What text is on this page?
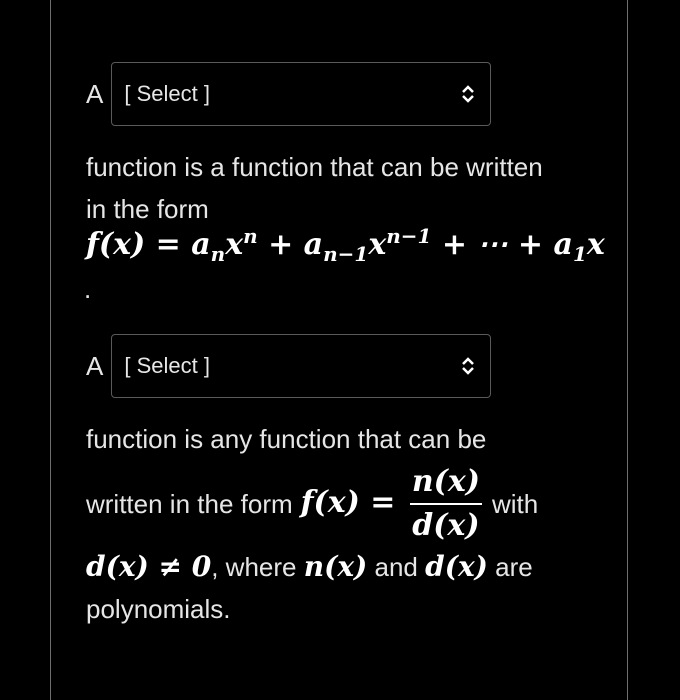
A [ Select ]
function is a function that can be written
in the form
$f(x) = a_nx^n + a_{n-1}x^{n-1}$ + ⋯ + $a_1x$
.
A [ Select ]
function is any function that can be
written in the form $f(x) = \frac{n(x)}{d(x)}$ with
d(x) ≠ 0, where n(x) and d(x) are
polynomials.
